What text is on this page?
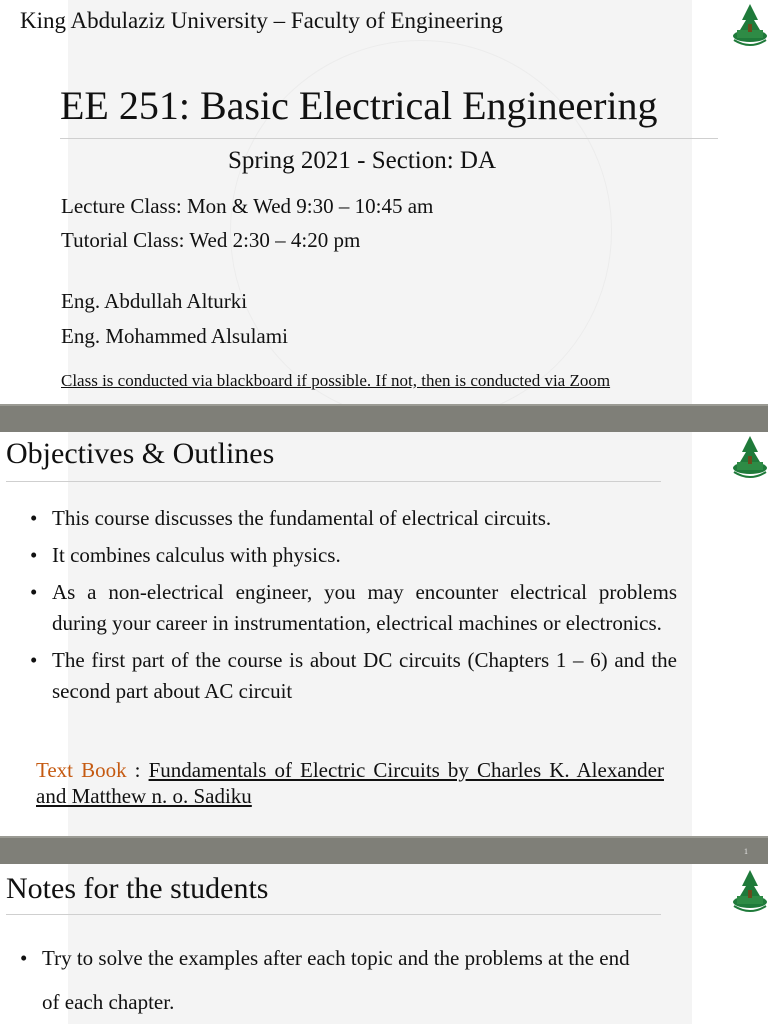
King Abdulaziz University – Faculty of Engineering
EE 251: Basic Electrical Engineering
Spring 2021 - Section: DA
Lecture Class: Mon & Wed 9:30 – 10:45 am
Tutorial Class: Wed 2:30 – 4:20 pm
Eng. Abdullah Alturki
Eng. Mohammed Alsulami
Class is conducted via blackboard if possible. If not, then is conducted via Zoom
Objectives & Outlines
• This course discusses the fundamental of electrical circuits.
• It combines calculus with physics.
• As a non-electrical engineer, you may encounter electrical problems during your career in instrumentation, electrical machines or electronics.
• The first part of the course is about DC circuits (Chapters 1 – 6) and the second part about AC circuit
Text Book : Fundamentals of Electric Circuits by Charles K. Alexander and Matthew n. o. Sadiku
1
Notes for the students
• Try to solve the examples after each topic and the problems at the end of each chapter.
